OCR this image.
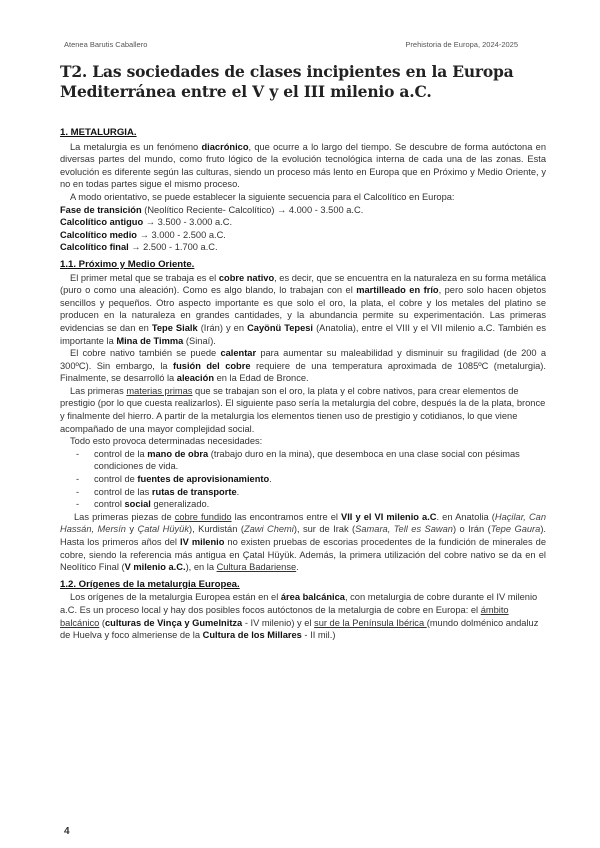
Atenea Barutis Caballero	Prehistoria de Europa, 2024-2025
T2. Las sociedades de clases incipientes en la Europa Mediterránea entre el V y el III milenio a.C.

1. METALURGIA.

La metalurgia es un fenómeno diacrónico, que ocurre a lo largo del tiempo. Se descubre de forma autóctona en diversas partes del mundo, como fruto lógico de la evolución tecnológica interna de cada una de las zonas. Esta evolución es diferente según las culturas, siendo un proceso más lento en Europa que en Próximo y Medio Oriente, y no en todas partes sigue el mismo proceso.

A modo orientativo, se puede establecer la siguiente secuencia para el Calcolítico en Europa:

Fase de transición (Neolítico Reciente- Calcolítico) → 4.000 - 3.500 a.C.

Calcolítico antiguo → 3.500 - 3.000 a.C.

Calcolítico medio → 3.000 - 2.500 a.C.

Calcolítico final → 2.500 - 1.700 a.C.

1.1. Próximo y Medio Oriente.

El primer metal que se trabaja es el cobre nativo, es decir, que se encuentra en la naturaleza en su forma metálica (puro o como una aleación). Como es algo blando, lo trabajan con el martilleado en frío, pero solo hacen objetos sencillos y pequeños. Otro aspecto importante es que solo el oro, la plata, el cobre y los metales del platino se producen en la naturaleza en grandes cantidades, y la abundancia permite su experimentación. Las primeras evidencias se dan en Tepe Sialk (Irán) y en Cayönü Tepesi (Anatolia), entre el VIII y el VII milenio a.C. También es importante la Mina de Timma (Sinaí).

El cobre nativo también se puede calentar para aumentar su maleabilidad y disminuir su fragilidad (de 200 a 300ºC). Sin embargo, la fusión del cobre requiere de una temperatura aproximada de 1085ºC (metalurgia). Finalmente, se desarrolló la aleación en la Edad de Bronce.

Las primeras materias primas que se trabajan son el oro, la plata y el cobre nativos, para crear elementos de prestigio (por lo que cuesta realizarlos). El siguiente paso sería la metalurgia del cobre, después la de la plata, bronce y finalmente del hierro. A partir de la metalurgia los elementos tienen uso de prestigio y cotidianos, lo que viene acompañado de una mayor complejidad social.

Todo esto provoca determinadas necesidades:

- control de la mano de obra (trabajo duro en la mina), que desemboca en una clase social con pésimas condiciones de vida.
- control de fuentes de aprovisionamiento.
- control de las rutas de transporte.
- control social generalizado.

Las primeras piezas de cobre fundido las encontramos entre el VII y el VI milenio a.C. en Anatolia (Haçilar, Can Hassán, Mersín y Çatal Hüyük), Kurdistán (Zawi Chemi), sur de Irak (Samara, Tell es Sawan) o Irán (Tepe Gaura). Hasta los primeros años del IV milenio no existen pruebas de escorias procedentes de la fundición de minerales de cobre, siendo la referencia más antigua en Çatal Hüyük. Además, la primera utilización del cobre nativo se da en el Neolítico Final (V milenio a.C.), en la Cultura Badariense.

1.2. Orígenes de la metalurgia Europea.

Los orígenes de la metalurgia Europea están en el área balcánica, con metalurgia de cobre durante el IV milenio a.C. Es un proceso local y hay dos posibles focos autóctonos de la metalurgia de cobre en Europa: el ámbito balcánico (culturas de Vinça y Gumelnitza - IV milenio) y el sur de la Península Ibérica (mundo dolménico andaluz de Huelva y foco almeriense de la Cultura de los Millares - II mil.)

4
